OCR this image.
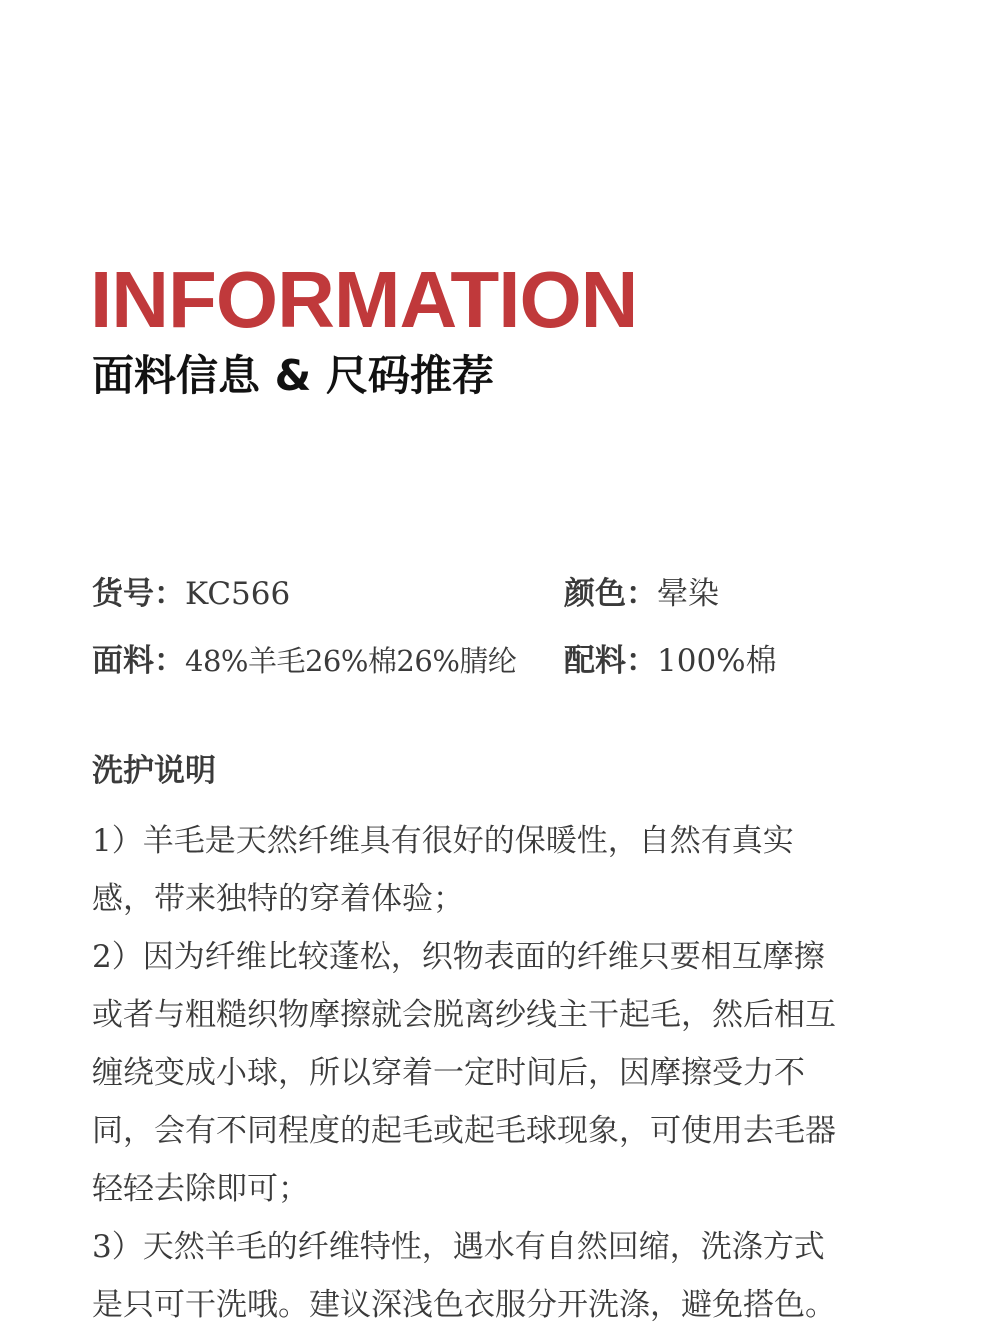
INFORMATION
面料信息 & 尺码推荐
货号：KC566	颜色：晕染
面料：48%羊毛26%棉26%腈纶 配料：100%棉
洗护说明
1）羊毛是天然纤维具有很好的保暖性，自然有真实
感，带来独特的穿着体验；
2）因为纤维比较蓬松，织物表面的纤维只要相互摩擦
或者与粗糙织物摩擦就会脱离纱线主干起毛，然后相互
缠绕变成小球，所以穿着一定时间后，因摩擦受力不
同，会有不同程度的起毛或起毛球现象，可使用去毛器
轻轻去除即可；
3）天然羊毛的纤维特性，遇水有自然回缩，洗涤方式
是只可干洗哦。建议深浅色衣服分开洗涤，避免搭色。
